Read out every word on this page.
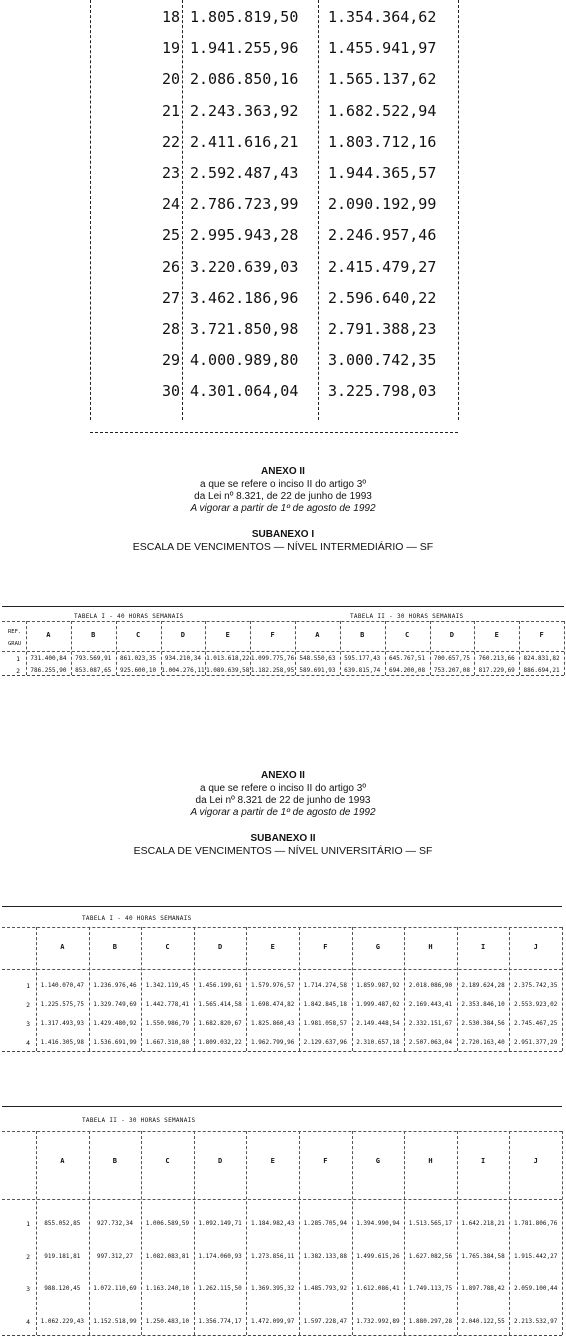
18 1.805.819,50 1.354.364,62
19 1.941.255,96 1.455.941,97
20 2.086.850,16 1.565.137,62
21 2.243.363,92 1.682.522,94
22 2.411.616,21 1.803.712,16
23 2.592.487,43 1.944.365,57
24 2.786.723,99 2.090.192,99
25 2.995.943,28 2.246.957,46
26 3.220.639,03 2.415.479,27
27 3.462.186,96 2.596.640,22
28 3.721.850,98 2.791.388,23
29 4.000.989,80 3.000.742,35
30 4.301.064,04 3.225.798,03
ANEXO II
a que se refere o inciso II do artigo 3º
da Lei nº 8.321, de 22 de junho de 1993
A vigorar a partir de 1º de agosto de 1992
SUBANEXO I
ESCALA DE VENCIMENTOS — NÍVEL INTERMEDIÁRIO — SF
TABELA I - 40 HORAS SEMANAIS	TABELA II - 30 HORAS SEMANAIS
REF.
GRAU
A	B	C	D	E	F	A	B	C	D	E	F
1	731.400,84	793.569,91	861.023,35	934.210,34 1.013.618,22 1.099.775,76 548.550,63	595.177,43	645.767,51	700.657,75	760.213,66	824.831,82
2	786.255,90	853.087,65	925.600,10 1.004.276,11 1.089.639,58 1.182.258,95 589.691,93	639.815,74	694.200,08	753.207,08	817.229,69	886.694,21
ANEXO II
a que se refere o inciso II do artigo 3º
da Lei nº 8.321 de 22 de junho de 1993
A vigorar a partir de 1º de agosto de 1992
SUBANEXO II
ESCALA DE VENCIMENTOS — NÍVEL UNIVERSITÁRIO — SF
TABELA I - 40 HORAS SEMANAIS
A	B	C	D	E	F	G	H	I	J
1	1.140.070,47	1.236.976,46	1.342.119,45	1.456.199,61	1.579.976,57	1.714.274,58	1.859.987,92	2.018.086,90	2.189.624,28	2.375.742,35
2	1.225.575,75	1.329.749,69	1.442.778,41	1.565.414,58	1.698.474,82	1.842.845,18	1.999.487,02	2.169.443,41	2.353.846,10	2.553.923,02
3	1.317.493,93	1.429.480,92	1.550.986,79	1.682.820,67	1.825.860,43	1.981.058,57	2.149.448,54	2.332.151,67	2.530.384,56	2.745.467,25
4	1.416.305,98	1.536.691,99	1.667.310,80	1.809.032,22	1.962.799,96	2.129.637,96	2.310.657,18	2.507.063,04	2.720.163,40	2.951.377,29
TABELA II - 30 HORAS SEMANAIS
A	B	C	D	E	F	G	H	I	J
1	855.052,85	927.732,34	1.006.589,59	1.092.149,71	1.184.982,43	1.285.705,94	1.394.990,94	1.513.565,17	1.642.218,21	1.781.806,76
2	919.181,81	997.312,27	1.082.083,81	1.174.060,93	1.273.856,11	1.382.133,88	1.499.615,26	1.627.082,56	1.765.384,58	1.915.442,27
3	988.120,45	1.072.110,69	1.163.240,10	1.262.115,50	1.369.395,32	1.485.793,92	1.612.086,41	1.749.113,75	1.897.788,42	2.059.100,44
4	1.062.229,43	1.152.518,99	1.250.483,10	1.356.774,17	1.472.099,97	1.597.228,47	1.732.992,89	1.880.297,28	2.040.122,55	2.213.532,97
